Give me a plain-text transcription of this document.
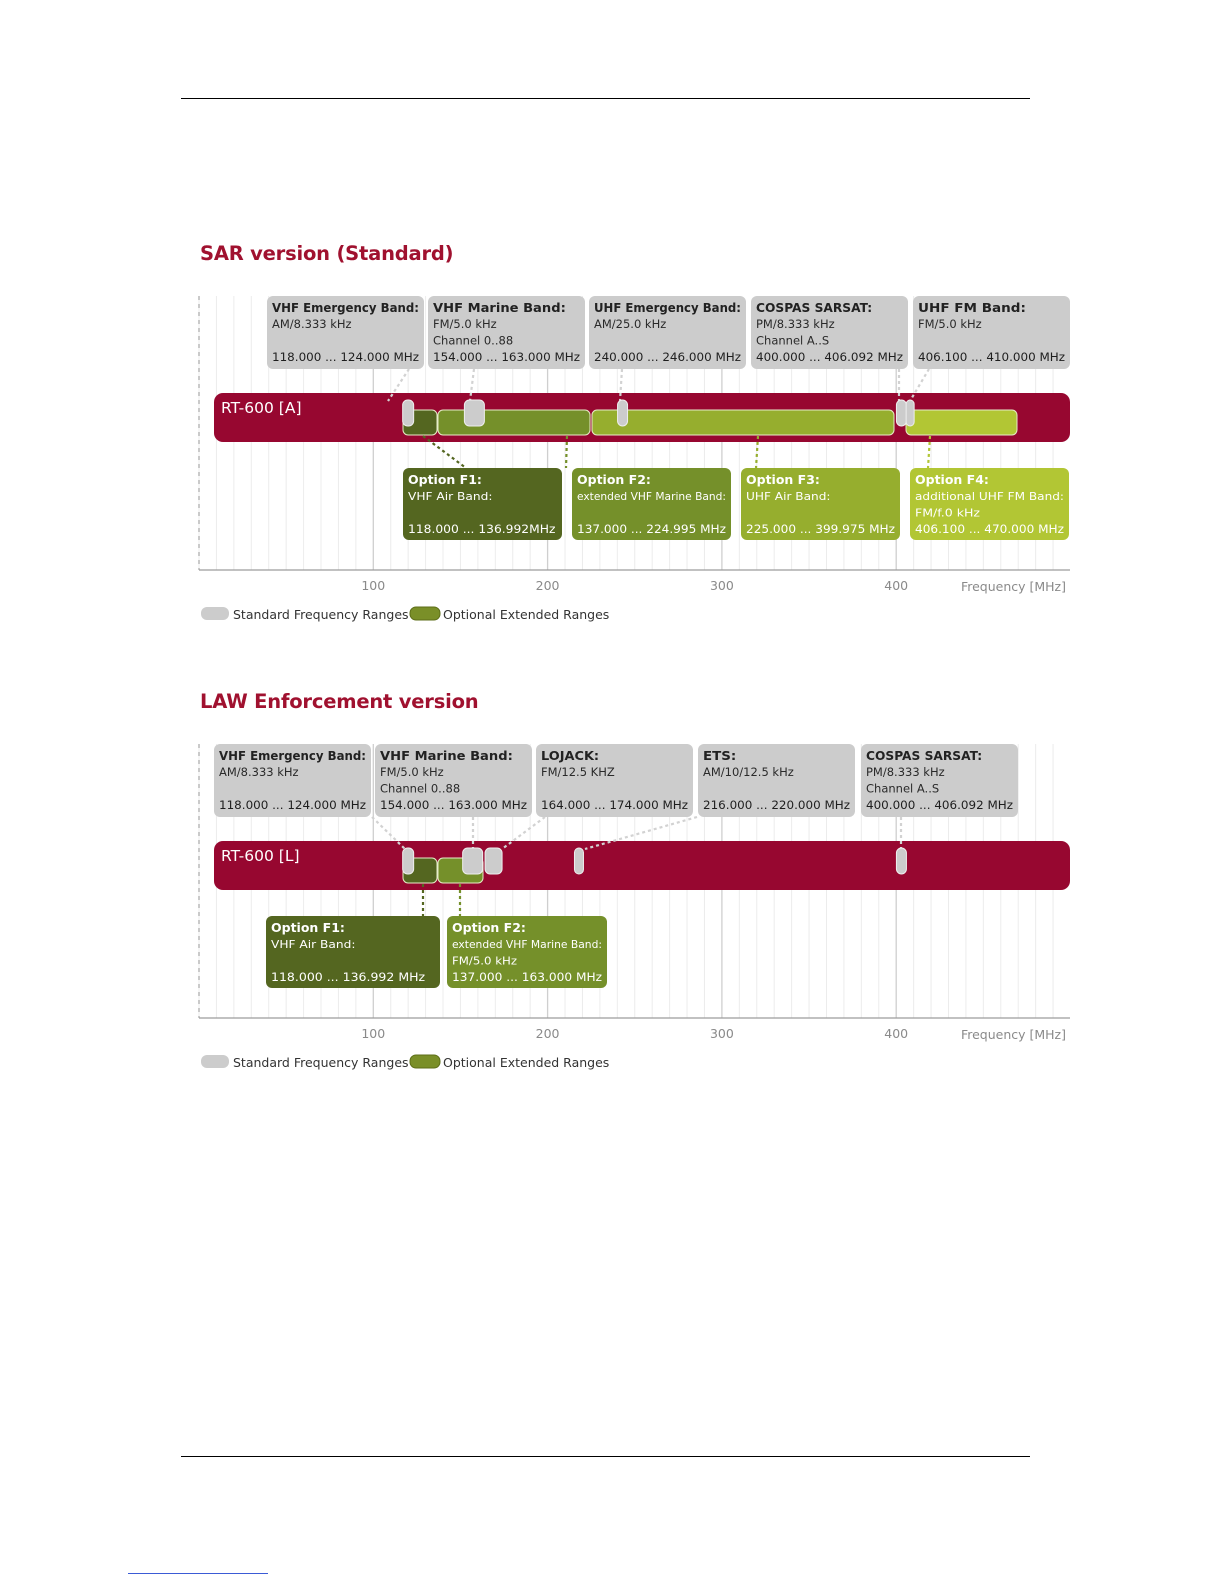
SAR version (Standard)
LAW Enforcement version
100	200	300	400	Frequency [MHz]
RT-600 [A]
VHF Emergency Band:
AM/8.333 kHz
118.000 ... 124.000 MHz
VHF Marine Band:
FM/5.0 kHz
Channel 0..88
154.000 ... 163.000 MHz
UHF Emergency Band:
AM/25.0 kHz
240.000 ... 246.000 MHz
COSPAS SARSAT:
PM/8.333 kHz
Channel A..S
400.000 ... 406.092 MHz
UHF FM Band:
FM/5.0 kHz
406.100 ... 410.000 MHz
Option F1:
VHF Air Band:
118.000 ... 136.992MHz
Option F2:
extended VHF Marine Band:
137.000 ... 224.995 MHz
Option F3:
UHF Air Band:
225.000 ... 399.975 MHz
Option F4:
additional UHF FM Band:
FM/f.0 kHz
406.100 ... 470.000 MHz
Standard Frequency Ranges	Optional Extended Ranges
100	200	300	400	Frequency [MHz]
RT-600 [L]
VHF Emergency Band:
AM/8.333 kHz
118.000 ... 124.000 MHz
VHF Marine Band:
FM/5.0 kHz
Channel 0..88
154.000 ... 163.000 MHz
LOJACK:
FM/12.5 KHZ
164.000 ... 174.000 MHz
ETS:
AM/10/12.5 kHz
216.000 ... 220.000 MHz
COSPAS SARSAT:
PM/8.333 kHz
Channel A..S
400.000 ... 406.092 MHz
Option F1:
VHF Air Band:
118.000 ... 136.992 MHz
Option F2:
extended VHF Marine Band:
FM/5.0 kHz
137.000 ... 163.000 MHz
Standard Frequency Ranges	Optional Extended Ranges
